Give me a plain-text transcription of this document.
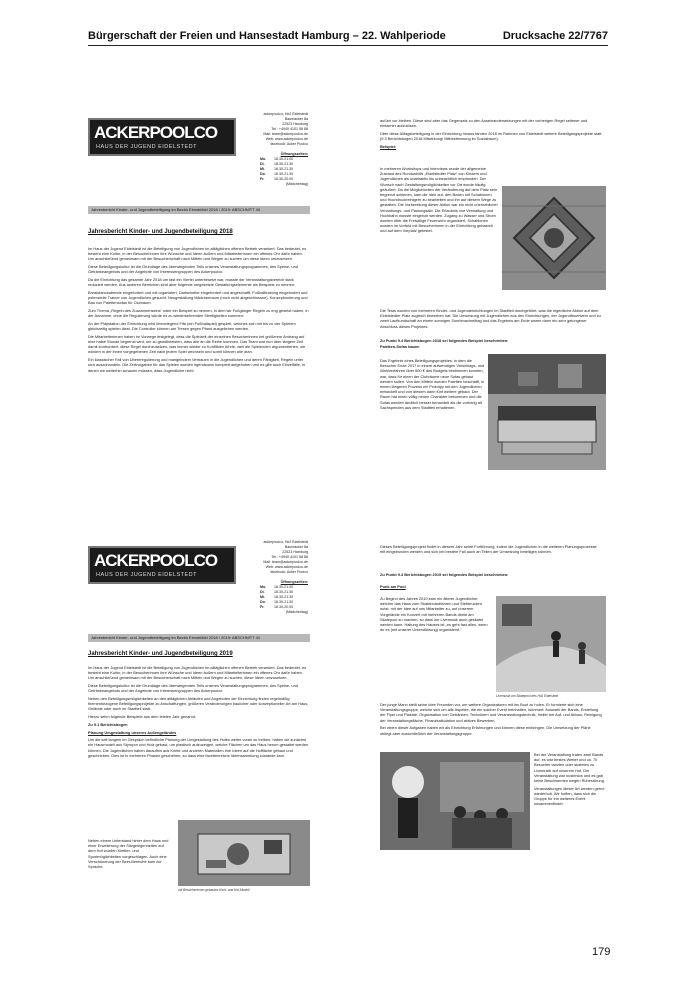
Bürgerschaft der Freien und Hansestadt Hamburg – 22. Wahlperiode	Drucksache 22/7767
ACKERPOOLCO
HAUS DER JUGEND EIDELSTEDT
ackerpoolco, HdJ Eidelstedt
Baumacker 8a
22523 Hamburg
Tel.: +4940 4101 58 88
Mail: team@ackerpoolco.de
Web: www.ackerpoolco.de
facebook: Acker Poolco
Öffnungszeiten:
Mo. 18.30-21.00
Di.	18.30-21.30
Mi.	18.30-21.30
Do. 18.30-21.30
Fr.	18.30-20.00
(Mädchentag)
Jahresbericht Kinder- und Jugendbeteiligung im Bezirk Eimsbüttel 2018 / 2019: ABSCHNITT 40
Jahresbericht Kinder- und Jugendbeteiligung 2018

Im Haus der Jugend Eidelstedt ist die Beteiligung von Jugendlichen im alltäglichen offenen Betrieb verankert. Das bedeutet, es besteht eine Kultur, in der Besucherinnen ihre Wünsche und Ideen äußern und Mitarbeiterinnen ein offenes Ohr dafür haben. Um anschließend gemeinsam mit der Besucherschaft nach Mitteln und Wegen zu suchen um diese Ideen umzusetzen.

Diese Beteiligungskultur ist die Grundlage des überwiegenden Teils unseres Veranstaltungsprogrammes, des Speise- und Getränkeangebots und der Angebote von Interessengruppen des Ackerpoolco.

Da die Einrichtung das gesamte Jahr 2018 um fast ein Viertel unterbesetzt war, musste der Veranstaltungsbereich stark reduziert werden. Aus anderen Bereichen sind aber folgende umgesetzte Gestaltungselemente als Beispiele zu nennen:

Breakdanceabende eingefordert und mit organisiert, Dartscheibe eingefordert und angeschafft, Fußballtraining eingefordert und potenzielle Trainer von Jugendlichen gesucht, Neugestaltung Mädchenraum (noch nicht abgeschlossen), Konzeptionierung und Bau von Palettensofas für Clubraum.

Zum Thema „Regeln des Zusammenseins“ wäre ein Beispiel zu nennen, in dem wir Fußgänger Regeln zu eng gesetzt haben, in der Annahme, ohne die Regulierung würde es zu wiederkehrenden Streitigkeiten kommen:

An der Playstation der Einrichtung wird überwiegend Fifa (ein Fußballspiel) gespielt, welches sich mit bis zu vier Spielern gleichzeitig spielen lässt. Die Controller können am Tresen gegen Pfand ausgeliehen werden.

Die Mitarbeiterinnen haben im Vorwege festgelegt, dass die Spielzeit der einzelnen Besucherinnen bei größerem Andrang auf eine halbe Stunde begrenzt wird, um zu gewährleisten, dass alle an die Reihe kommen. Das Team war nun über längere Zeit damit konfrontiert, diese Regel durchzusetzen, was immer wieder zu Konflikten führte, weil die Spielenden argumentierten, sie würden in der ihnen vorgegebenen Zeit nach jedem Spiel wechseln und somit können alle dran.

Ein klassischer Fall von Übereregulierung und mangelndem Vertrauen in die Jugendlichen und deren Fähigkeit, Regeln unter sich auszuhandeln. Die Zeitvorgaben für das Spielen wurden irgendwann komplett aufgehoben und es gibt auch Einzelfälle, in denen wir weiterhin schauen müssen, dass Jugendliche nicht

außen vor bleiben. Diese sind aber das Gegensatz zu den Auseinandersetzungen mit der vorherigen Regel seltener und einfacher aufzulösen.

Über diese Alltagsbeteiligung in der Einrichtung hinaus fanden 2018 im Rahmen von Eidelstedt weitere Beteiligungsprojekte statt (9.3 Berichtsbogen 2018 Mitwirkung/ Mitbestimmung im Sozialraum).

Beispiel:

In mehreren Workshops und Interviews wurde der allgemeine Zustand des Rondushöfs „Eidelstedter Platz“ von Kindern und Jugendlichen als unattraktiv bis unbeachtlich empfunden. Der Wunsch nach Gestaltungsmöglichkeiten vor Ort wurde häufig geäußert. Da die Möglichkeiten der Veränderung auf dem Platz sehr begrenzt schienen, kam die Idee auf, den Boden mit Schablonen und Hochdruckreinigern zu bearbeiten und ihn auf diesem Wege zu gestalten. Die Vorbereitung dieser Aktion war ein nicht unerheblicher Verwaltungs- und Planungsakt. Die Erlaubnis von Verwaltung und Hochbahn musste eingeholt werden, Zugang zu Wasser und Strom wurden über die Freiwillige Feuerwehr organisiert, Schablonen wurden im Vorfeld mit Besucherinnen in der Einrichtung gebastelt und auf dem Vorplatz getestet.
Die Tests wurden von mehreren Kinder- und Jugendeinrichtungen im Stadtteil durchgeführt, was die eigentliche Aktion auf dem Eidelstedter Platz zugleich bewerben hat. Die Umsetzung mit Jugendlichen aus den Einrichtungen, der Jugendfeuerwehr und zu zweit Laufkundschaft an einem sonnigen Sonnenachmittag und das Ergebnis am Ende waren dann ein sehr gelungener Abschluss dieses Projektes.
Zu Punkt 9.4 Berichtsbogen 2018 sei folgendes Beispiel beschrieben:
Paletten-Sofas bauen
Das Ergebnis eines Beteiligungsprojektes, in dem die Besucher Ende 2017 in einem aufwendigen Vorschlags- und Wahlverfahren über 600 € des Budgets bestimmen konnten, war, dass für einen der Clubräume neue Sofas gebaut werden sollen. Von den Mitteln wurden Paletten beschafft, in einem längeren Prozess ein Prototyp mit den Jugendlichen entwickelt und von diesem dann fünf weitere gebaut. Der Raum hat einen völlig neuen Charakter bekommen und die Sofas werden deutlich besser behandelt als die vorherig alt Sachspenden aus dem Stadtteil erhaltenen.
ACKERPOOLCO
HAUS DER JUGEND EIDELSTEDT
ackerpoolco, HdJ Eidelstedt
Baumacker 8a
22523 Hamburg
Tel.: +4940 4101 58 88
Mail: team@ackerpoolco.de
Web: www.ackerpoolco.de
facebook: Acker Poolco
Öffnungszeiten:
Mo. 18.30-21.00
Di.	18.30-21.30
Mi.	18.30-21.30
Do. 18.30-21.30
Fr.	18.30-20.00
(Mädchentag)
Jahresbericht Kinder- und Jugendbeteiligung im Bezirk Eimsbüttel 2018 / 2019: ABSCHNITT 41
Jahresbericht Kinder- und Jugendbeteiligung 2019

Im Haus der Jugend Eidelstedt ist die Beteiligung von Jugendlichen im alltäglichen offenen Betrieb verankert. Das bedeutet, es besteht eine Kultur, in der Besucherinnen ihre Wünsche und Ideen äußern und Mitarbeiterinnen ein offenes Ohr dafür haben. Um anschließend gemeinsam mit der Besucherschaft nach Mitteln und Wegen zu suchen, diese Ideen umzusetzen.

Diese Beteiligungskultur ist die Grundlage des überwiegenden Teils unseres Veranstaltungsprogrammes, des Speise- und Getränkeangebots und der Angebote von Interessengruppen des Ackerpoolco.

Neben den Beteiligungsmöglichkeiten an den alltäglichen Abläufen und Angeboten der Einrichtung finden regelmäßig themenbezogene Beteiligungsprojekte zu Anschaffungen, größeren Veränderungen baulicher oder konzeptioneller Art am Haus, Gelände oder auch im Stadtteil statt.

Hierzu seien folgende Beispiele aus dem letzten Jahr genannt:

Zu 9.1 Berichtsbogen

Planung Umgestaltung unseres Außengeländes

Um die seit langem im Gespräch befindliche Planung der Umgestaltung des Hofes weiter voran zu treiben, haben wir zunächst ein Hausmodell aus Styropor und Holz gebaut, um plastisch aufzuzeigen, welche Flächen um das Haus herum gestaltet werden können. Die Jugendlichen haben daraufhin aus Knete und anderen Materialien ihre Ideen auf die Hoffläche gebaut und geschrieben. Dies ist in mehreren Phasen geschehen, so dass eine facettenreiche Ideensammlung zustande kam.

Neben einem Unterstand hinter dem Haus und einer Erweiterung der Sitzgelegenheiten auf dem Hof wurden Klettter- und Sportmöglichkeiten vorgeschlagen. Auch eine Verschönerung der Beet-Bereiche kam zur Sprache.
mit Besucherinnen gebautes Knet- und Hof-Modell
Dieses Beteiligungsprojekt findet in diesem Jahr seine Fortführung, indem die Jugendlichen in die weiteren Planungsprozesse mit eingebunden werden und sich bei bestem Fall auch an Teilen der Umsetzung beteiligen können.
Zu Punkt 9.4 Berichtsbogen 2019 sei folgendes Beispiel beschrieben:
Punk am Pool
Zu Beginn des Jahres 2019 kam ein älterer Jugendlicher, welcher das Haus zum Skateboardfahren und Stebbrucken nutzt, mit der Idee auf uns Mitarbeiter zu, auf unserem Vorgelände ein Konzert mit mehreren Bands direkt am Skatepool zu machen, so dass zur Livemusik auch geskatet werden kann. Haltung des Hauses ist „es geht fast alles, wenn du es (mit unserer Unterstützung) organisierst.“
Livemusik am Skatepool des HdJ Eidelstedt

Der junge Mann stellt seine Idee Freunden vor, um weitere Organisatoren mit ins Boot zu holen. Er formierte sich eine Veranstaltungsgruppe, welche sich um alle Aspekte, die ein solcher Event beinhalten, kümmert: Auswahl der Bands, Erstellung der Flyer und Plakate, Organisation von Getränken, Technikern und Veranstaltungstechnik, Helfer bei Auf- und Abbau, Reinigung der Veranstaltungsfläche, Finanzkalkulation und aktives Bewerben.

Bei vielen dieser Aufgaben haben wir als Einrichtung Erfahrungen und können diese einbringen. Die Umsetzung der Pläne obliegt aber ausschließlich der Veranstaltungsgruppe.

Bei der Veranstaltung traten zwei Bands auf, es war bestes Wetter und ca. 70 Besucher tanzten oder skateten zu Livemusik auf unserem Hof. Die Veranstaltung war kostenlos und es gab keine Beschwerden wegen Ruhestörung.

Veranstaltungen dieser Art werden gerne wiederholt. Wir hoffen, dass sich die Gruppe für ein weiteres Event zusammenfindet.

179
